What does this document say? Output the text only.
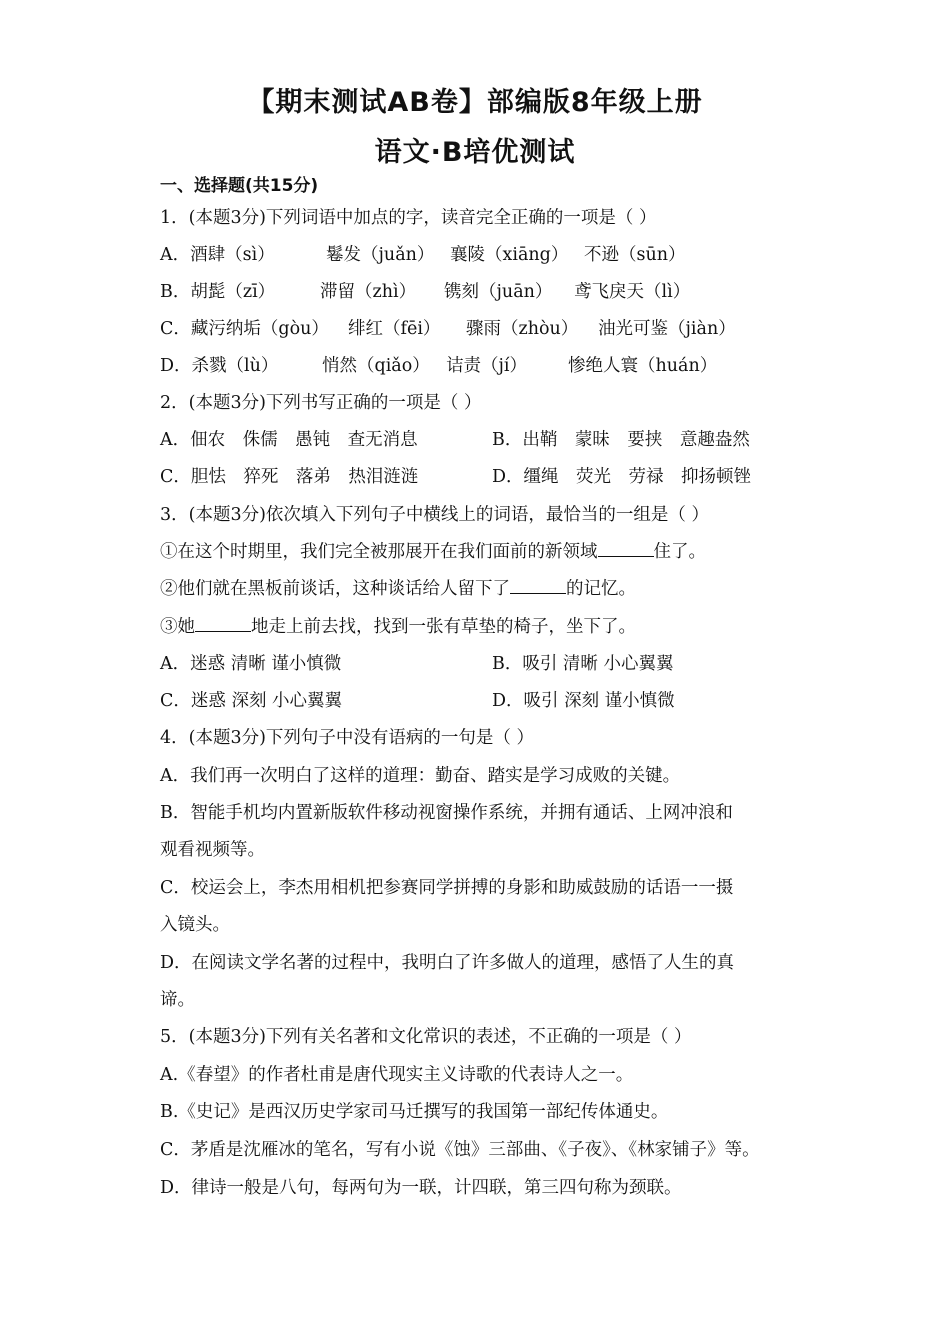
【期末测试AB卷】部编版8年级上册
语文·B培优测试
一、选择题(共15分)
1．(本题3分)下列词语中加点的字，读音完全正确的一项是（ ）
A．酒肆（sì）	鬈发（juǎn） 襄陵（xiāng） 不逊（sūn）
B．胡髭（zī）	滞留（zhì） 镌刻（juān） 鸢飞戾天（lì）
C．藏污纳垢（gòu） 绯红（fēi） 骤雨（zhòu） 油光可鉴（jiàn）
D．杀戮（lù） 悄然（qiǎo） 诘责（jí） 惨绝人寰（huán）
2．(本题3分)下列书写正确的一项是（ ）
A．佃农　侏儒　愚钝　查无消息	B．出鞘　蒙昧　要挟　意趣盎然
C．胆怯　猝死　落弟　热泪涟涟	D．缰绳　荧光　劳禄　抑扬顿锉
3．(本题3分)依次填入下列句子中横线上的词语，最恰当的一组是（ ）
①在这个时期里，我们完全被那展开在我们面前的新领域	住了。
②他们就在黑板前谈话，这种谈话给人留下了	的记忆。
③她	地走上前去找，找到一张有草垫的椅子，坐下了。
A．迷惑 清晰 谨小慎微	B．吸引 清晰 小心翼翼
C．迷惑 深刻 小心翼翼	D．吸引 深刻 谨小慎微
4．(本题3分)下列句子中没有语病的一句是（ ）
A．我们再一次明白了这样的道理：勤奋、踏实是学习成败的关键。
B．智能手机均内置新版软件移动视窗操作系统，并拥有通话、上网冲浪和
观看视频等。
C．校运会上，李杰用相机把参赛同学拼搏的身影和助威鼓励的话语一一摄
入镜头。
D．在阅读文学名著的过程中，我明白了许多做人的道理，感悟了人生的真
谛。
5．(本题3分)下列有关名著和文化常识的表述，不正确的一项是（ ）
A.《春望》的作者杜甫是唐代现实主义诗歌的代表诗人之一。
B.《史记》是西汉历史学家司马迁撰写的我国第一部纪传体通史。
C．茅盾是沈雁冰的笔名，写有小说《蚀》三部曲、《子夜》、《林家铺子》等。
D．律诗一般是八句，每两句为一联，计四联，第三四句称为颈联。
